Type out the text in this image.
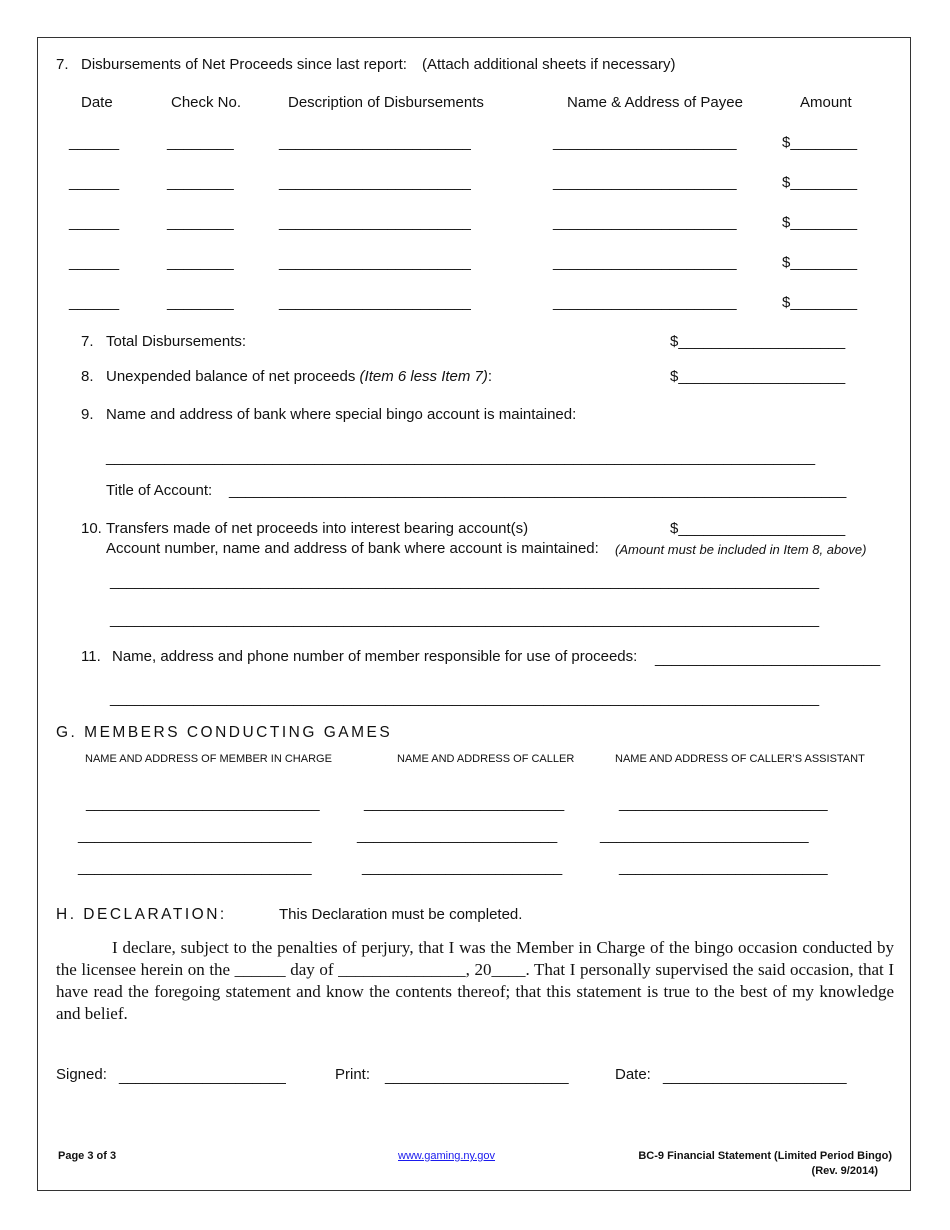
7. Disbursements of Net Proceeds since last report: (Attach additional sheets if necessary)
Date	Check No.	Description of Disbursements	Name & Address of Payee	Amount
______	________	_______________________	______________________	$________
______	________	_______________________	______________________	$________
______	________	_______________________	______________________	$________
______	________	_______________________	______________________	$________
______	________	_______________________	______________________	$________
7. Total Disbursements:	$____________________
8. Unexpended balance of net proceeds (Item 6 less Item 7):	$____________________
9. Name and address of bank where special bingo account is maintained:
_____________________________________________________________________________________
Title of Account: __________________________________________________________________________
10. Transfers made of net proceeds into interest bearing account(s)	$____________________
Account number, name and address of bank where account is maintained: (Amount must be included in Item 8, above)
_____________________________________________________________________________________
_____________________________________________________________________________________
11. Name, address and phone number of member responsible for use of proceeds: ___________________________
_____________________________________________________________________________________
G. MEMBERS CONDUCTING GAMES
NAME AND ADDRESS OF MEMBER IN CHARGE	NAME AND ADDRESS OF CALLER	NAME AND ADDRESS OF CALLER’S ASSISTANT
____________________________	________________________	_________________________
____________________________	________________________	_________________________
____________________________	________________________	_________________________
H. DECLARATION:	This Declaration must be completed.
I declare, subject to the penalties of perjury, that I was the Member in Charge of the bingo occasion conducted by the licensee herein on the ______ day of _______________, 20____. That I personally supervised the said occasion, that I have read the foregoing statement and know the contents thereof; that this statement is true to the best of my knowledge and belief.
Signed: ____________________	Print: ______________________	Date: ______________________
Page 3 of 3	www.gaming.ny.gov	BC-9 Financial Statement (Limited Period Bingo)
(Rev. 9/2014)
